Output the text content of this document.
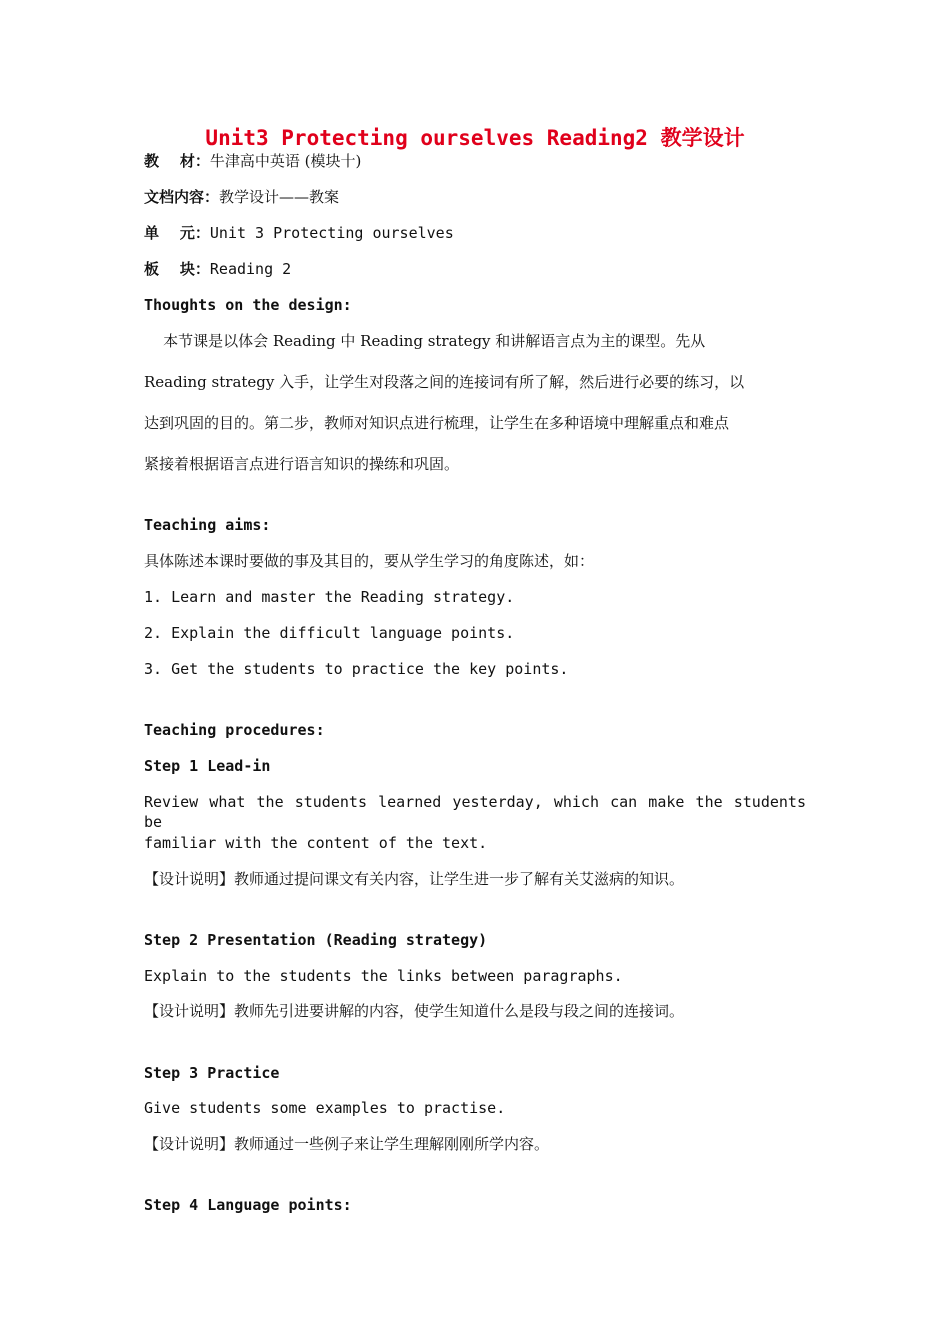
Unit3 Protecting ourselves Reading2 教学设计
教    材：牛津高中英语 (模块十)
文档内容：教学设计——教案
单    元：Unit 3 Protecting ourselves
板    块：Reading 2
Thoughts on the design:
本节课是以体会 Reading 中 Reading strategy 和讲解语言点为主的课型。先从
Reading strategy 入手，让学生对段落之间的连接词有所了解，然后进行必要的练习，以
达到巩固的目的。第二步，教师对知识点进行梳理，让学生在多种语境中理解重点和难点
紧接着根据语言点进行语言知识的操练和巩固。
Teaching aims:
具体陈述本课时要做的事及其目的，要从学生学习的角度陈述，如：
1. Learn and master the Reading strategy.
2. Explain the difficult language points.
3. Get the students to practice the key points.
Teaching procedures:
Step 1 Lead-in
Review what the students learned yesterday, which can make the students be
familiar with the content of the text.
【设计说明】教师通过提问课文有关内容，让学生进一步了解有关艾滋病的知识。
Step 2 Presentation (Reading strategy)
Explain to the students the links between paragraphs.
【设计说明】教师先引进要讲解的内容，使学生知道什么是段与段之间的连接词。
Step 3 Practice
Give students some examples to practise.
【设计说明】教师通过一些例子来让学生理解刚刚所学内容。
Step 4 Language points:
